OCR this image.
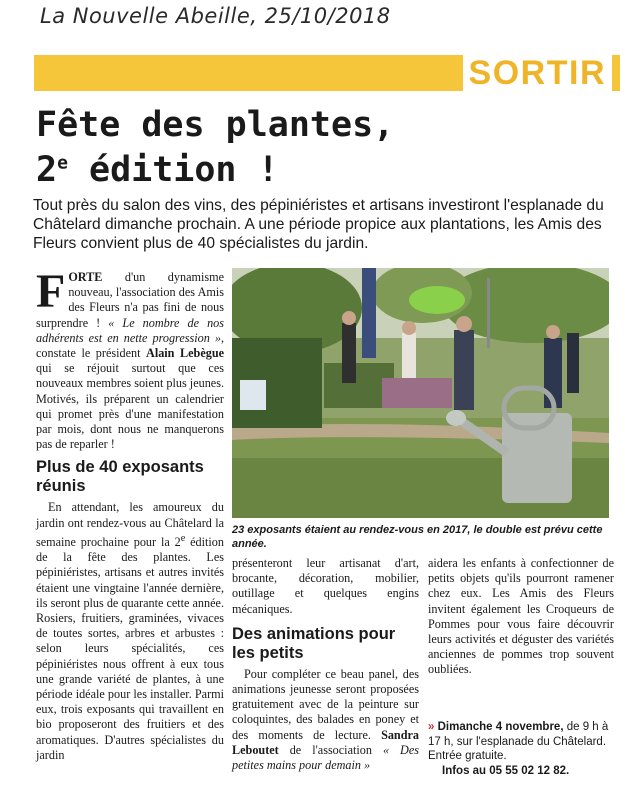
La Nouvelle Abeille, 25/10/2018
SORTIR
Fête des plantes,
2e édition !
Tout près du salon des vins, des pépiniéristes et artisans investiront l'esplanade du Châtelard dimanche prochain. A une période propice aux plantations, les Amis des Fleurs convient plus de 40 spécialistes du jardin.

FORTE d'un dynamisme nouveau, l'association des Amis des Fleurs n'a pas fini de nous surprendre ! « Le nombre de nos adhérents est en nette progression », constate le président Alain Lebègue qui se réjouit surtout que ces nouveaux membres soient plus jeunes. Motivés, ils préparent un calendrier qui promet près d'une manifestation par mois, dont nous ne manquerons pas de reparler !

Plus de 40 exposants réunis

En attendant, les amoureux du jardin ont rendez-vous au Châtelard la semaine prochaine pour la 2e édition de la fête des plantes. Les pépiniéristes, artisans et autres invités étaient une vingtaine l'année dernière, ils seront plus de quarante cette année. Rosiers, fruitiers, graminées, vivaces de toutes sortes, arbres et arbustes : selon leurs spécialités, ces pépiniéristes nous offrent à eux tous une grande variété de plantes, à une période idéale pour les installer. Parmi eux, trois exposants qui travaillent en bio proposeront des fruitiers et des aromatiques. D'autres spécialistes du jardin

23 exposants étaient au rendez-vous en 2017, le double est prévu cette année.

présenteront leur artisanat d'art, brocante, décoration, mobilier, outillage et quelques engins mécaniques.

Des animations pour les petits

Pour compléter ce beau panel, des animations jeunesse seront proposées gratuitement avec de la peinture sur coloquintes, des balades en poney et des moments de lecture. Sandra Leboutet de l'association « Des petites mains pour demain »

aidera les enfants à confectionner de petits objets qu'ils pourront ramener chez eux. Les Amis des Fleurs invitent également les Croqueurs de Pommes pour vous faire découvrir leurs activités et déguster des variétés anciennes de pommes trop souvent oubliées.

» Dimanche 4 novembre, de 9 h à 17 h, sur l'esplanade du Châtelard. Entrée gratuite.
Infos au 05 55 02 12 82.
